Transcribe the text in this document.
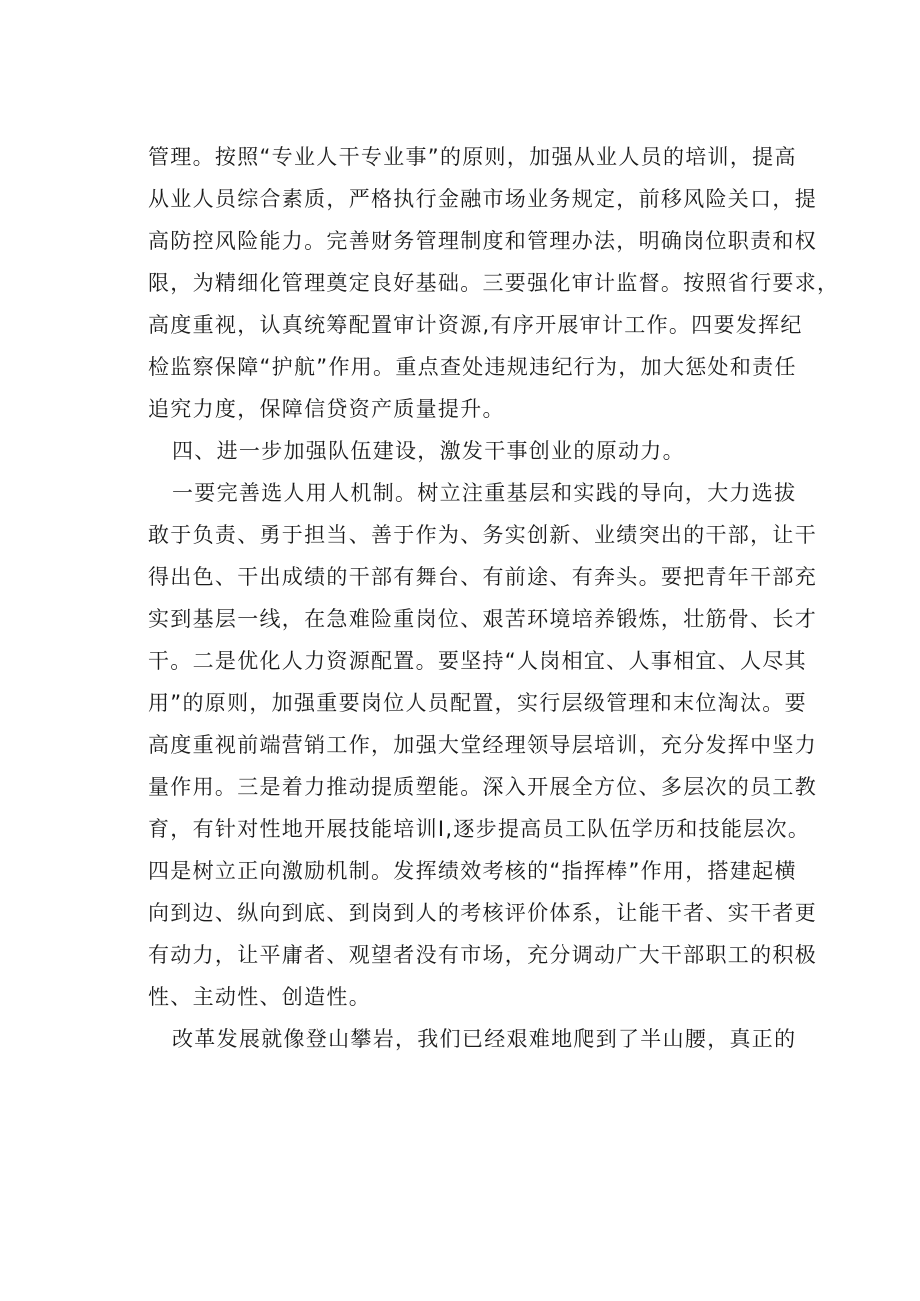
管理。按照“专业人干专业事”的原则，加强从业人员的培训，提高
从业人员综合素质，严格执行金融市场业务规定，前移风险关口，提
高防控风险能力。完善财务管理制度和管理办法，明确岗位职责和权
限，为精细化管理奠定良好基础。三要强化审计监督。按照省行要求，
高度重视，认真统筹配置审计资源,有序开展审计工作。四要发挥纪
检监察保障“护航”作用。重点查处违规违纪行为，加大惩处和责任
追究力度，保障信贷资产质量提升。
四、进一步加强队伍建设，激发干事创业的原动力。
一要完善选人用人机制。树立注重基层和实践的导向，大力选拔
敢于负责、勇于担当、善于作为、务实创新、业绩突出的干部，让干
得出色、干出成绩的干部有舞台、有前途、有奔头。要把青年干部充
实到基层一线，在急难险重岗位、艰苦环境培养锻炼，壮筋骨、长才
干。二是优化人力资源配置。要坚持“人岗相宜、人事相宜、人尽其
用”的原则，加强重要岗位人员配置，实行层级管理和末位淘汰。要
高度重视前端营销工作，加强大堂经理领导层培训，充分发挥中坚力
量作用。三是着力推动提质塑能。深入开展全方位、多层次的员工教
育，有针对性地开展技能培训Ⅰ,逐步提高员工队伍学历和技能层次。
四是树立正向激励机制。发挥绩效考核的“指挥棒”作用，搭建起横
向到边、纵向到底、到岗到人的考核评价体系，让能干者、实干者更
有动力，让平庸者、观望者没有市场，充分调动广大干部职工的积极
性、主动性、创造性。
改革发展就像登山攀岩，我们已经艰难地爬到了半山腰，真正的
